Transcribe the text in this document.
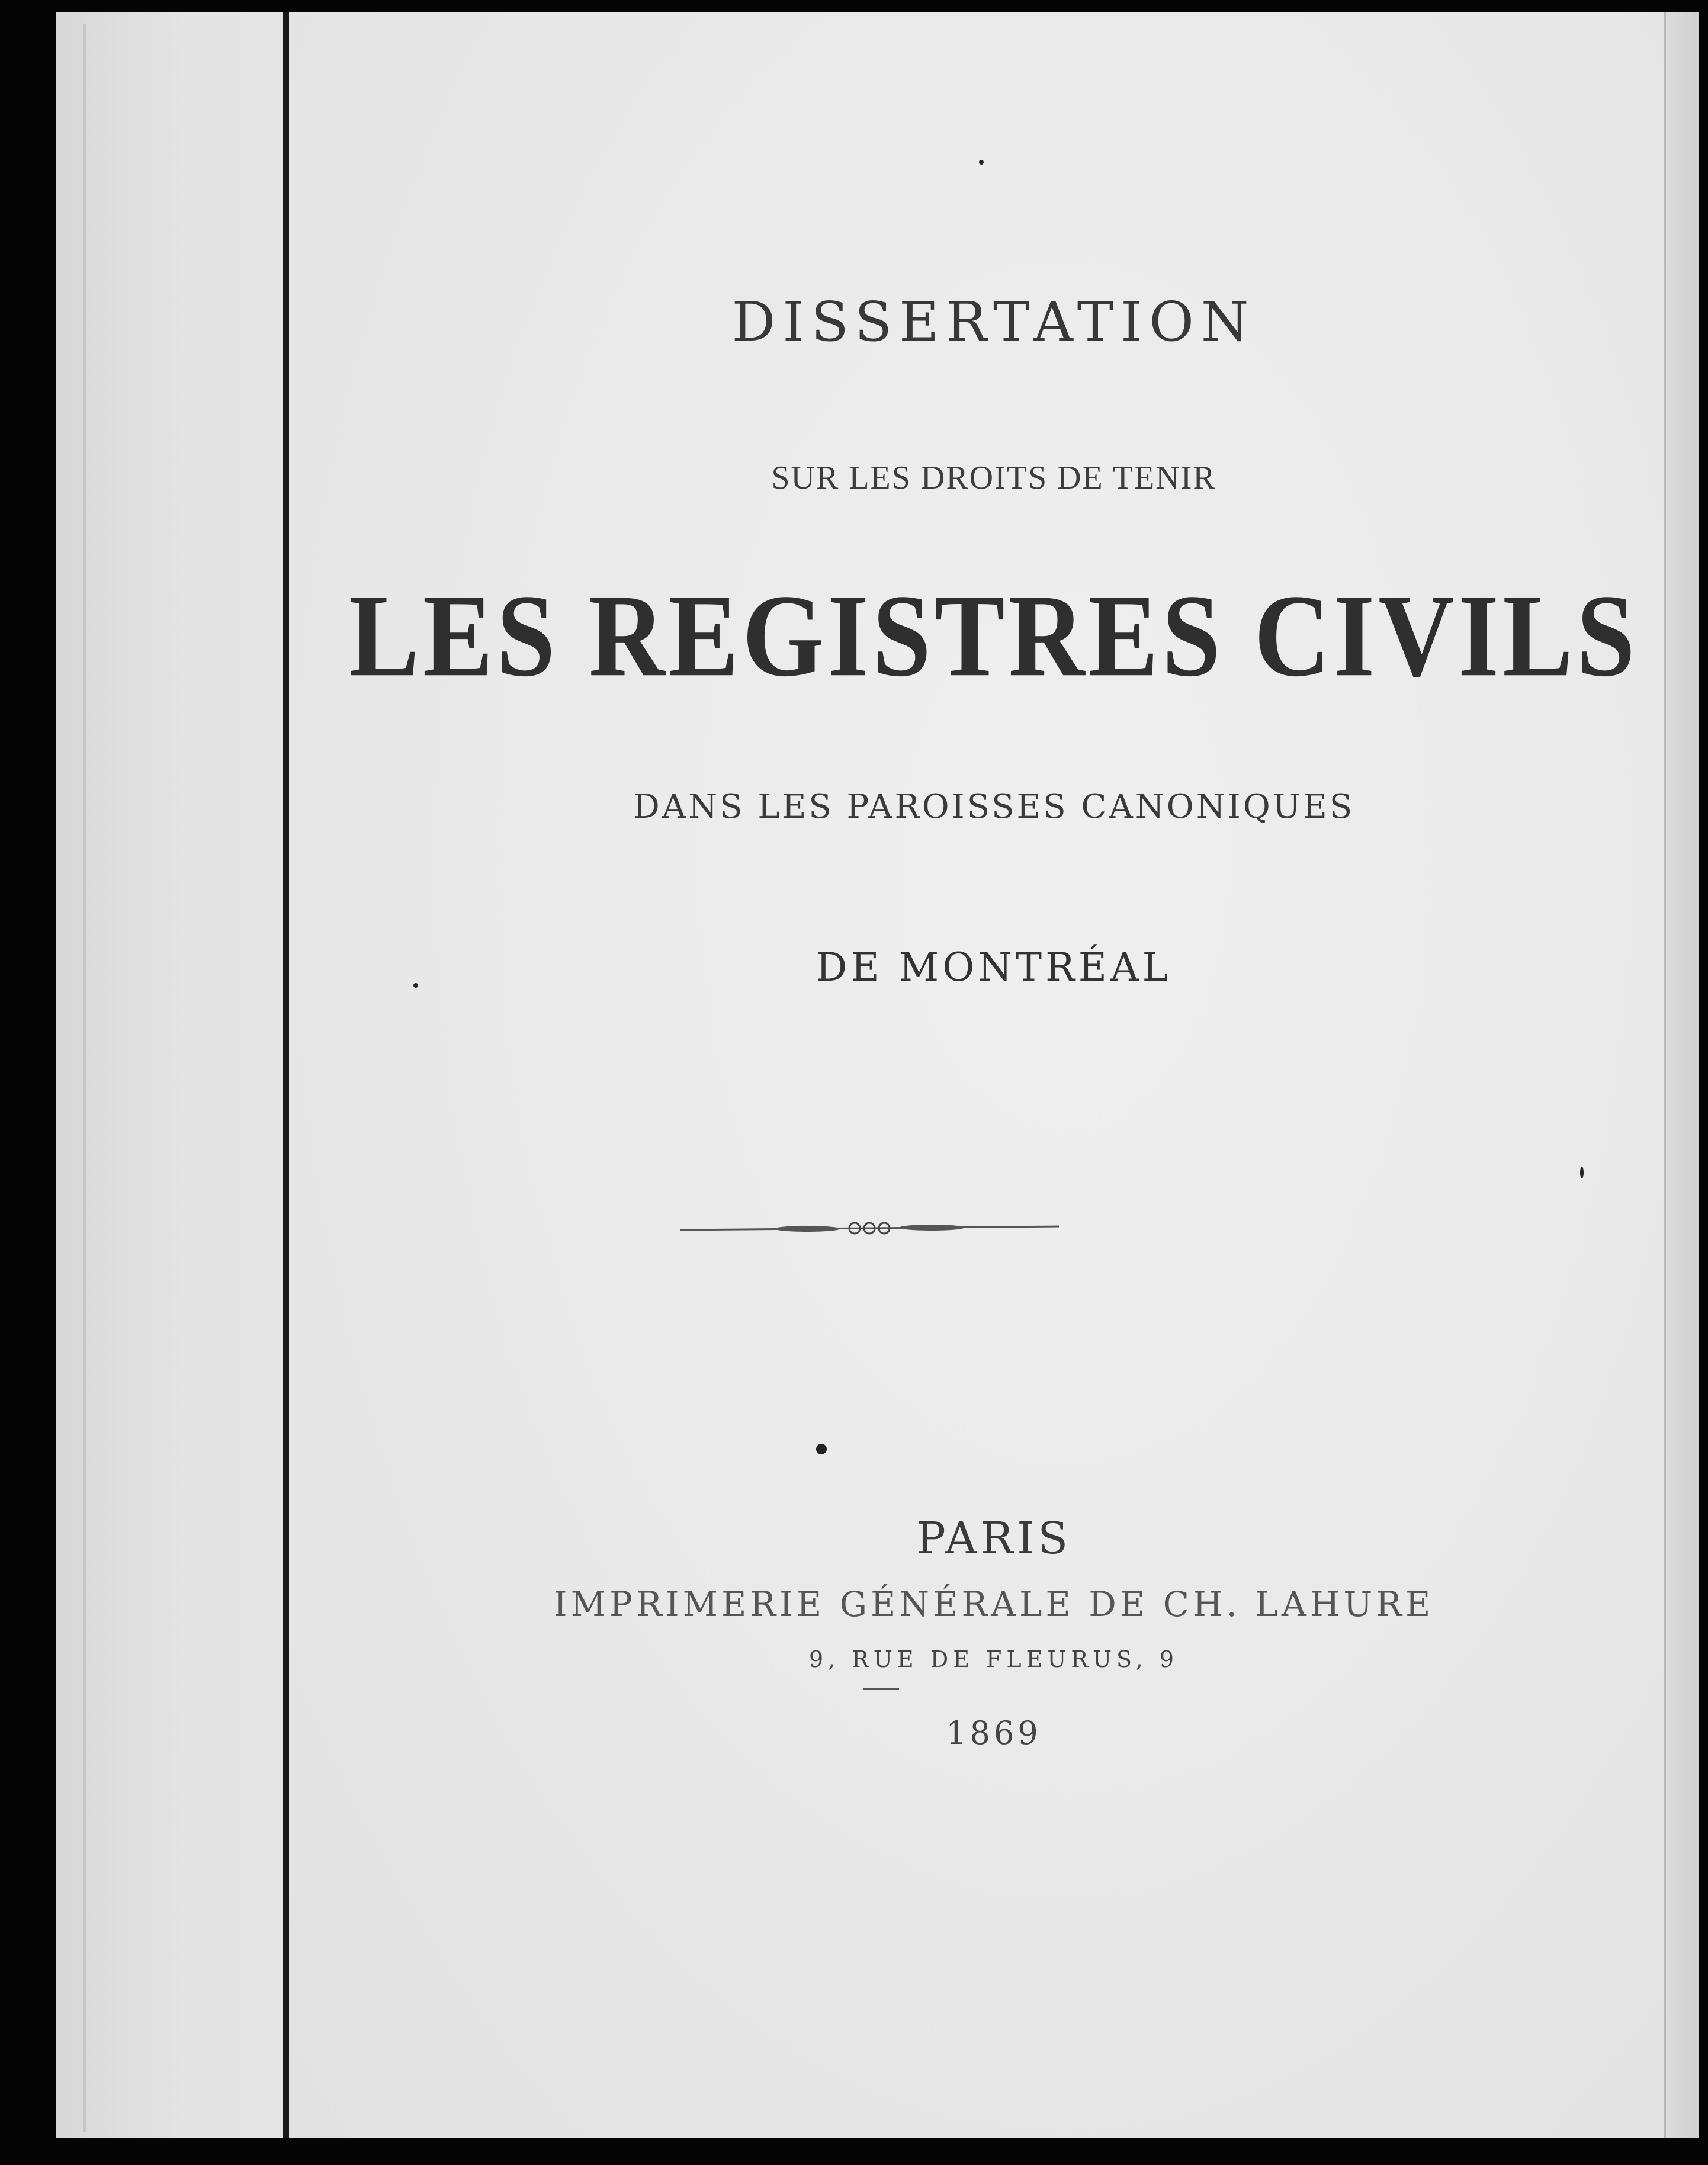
DISSERTATION
SUR LES DROITS DE TENIR
LES REGISTRES CIVILS
DANS LES PAROISSES CANONIQUES
DE MONTRÉAL
PARIS
IMPRIMERIE GÉNÉRALE DE CH. LAHURE
9, RUE DE FLEURUS, 9
1869
